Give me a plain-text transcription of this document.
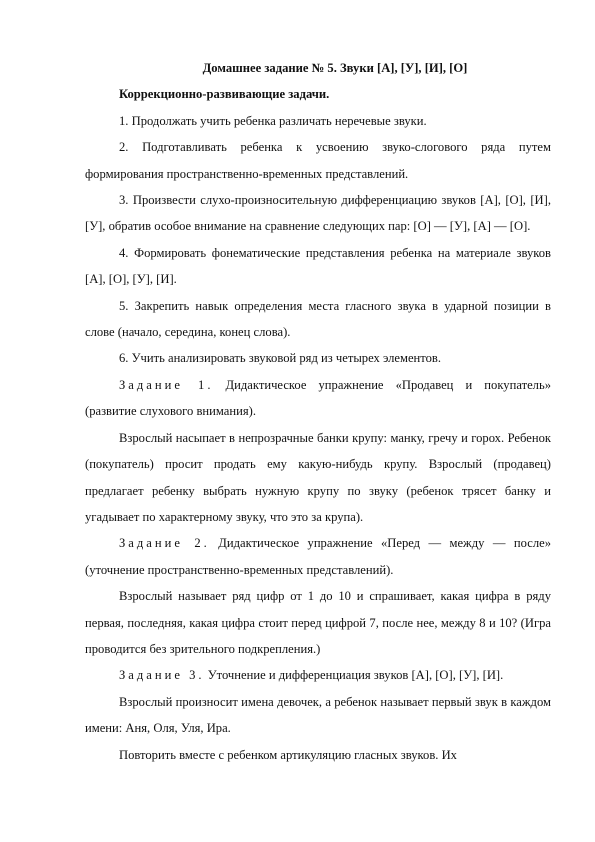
Домашнее задание № 5. Звуки [А], [У], [И], [О]

Коррекционно-развивающие задачи.

1. Продолжать учить ребенка различать неречевые звуки.

2. Подготавливать ребенка к усвоению звуко-слогового ряда путем формирования пространственно-временных представлений.

3. Произвести слухо-произносительную дифференциацию звуков [А], [О], [И], [У], обратив особое внимание на сравнение следующих пар: [О] — [У], [А] — [О].

4. Формировать фонематические представления ребенка на материале звуков [А], [О], [У], [И].

5. Закрепить навык определения места гласного звука в ударной позиции в слове (начало, середина, конец слова).

6. Учить анализировать звуковой ряд из четырех элементов.

Задание 1. Дидактическое упражнение «Продавец и покупатель» (развитие слухового внимания).

Взрослый насыпает в непрозрачные банки крупу: манку, гречу и горох. Ребенок (покупатель) просит продать ему какую-нибудь крупу. Взрослый (продавец) предлагает ребенку выбрать нужную крупу по звуку (ребенок трясет банку и угадывает по характерному звуку, что это за крупа).

Задание 2. Дидактическое упражнение «Перед — между — после» (уточнение пространственно-временных представлений).

Взрослый называет ряд цифр от 1 до 10 и спрашивает, какая цифра в ряду первая, последняя, какая цифра стоит перед цифрой 7, после нее, между 8 и 10? (Игра проводится без зрительного подкрепления.)

Задание 3. Уточнение и дифференциация звуков [А], [О], [У], [И].

Взрослый произносит имена девочек, а ребенок называет первый звук в каждом имени: Аня, Оля, Уля, Ира.

Повторить вместе с ребенком артикуляцию гласных звуков. Их
